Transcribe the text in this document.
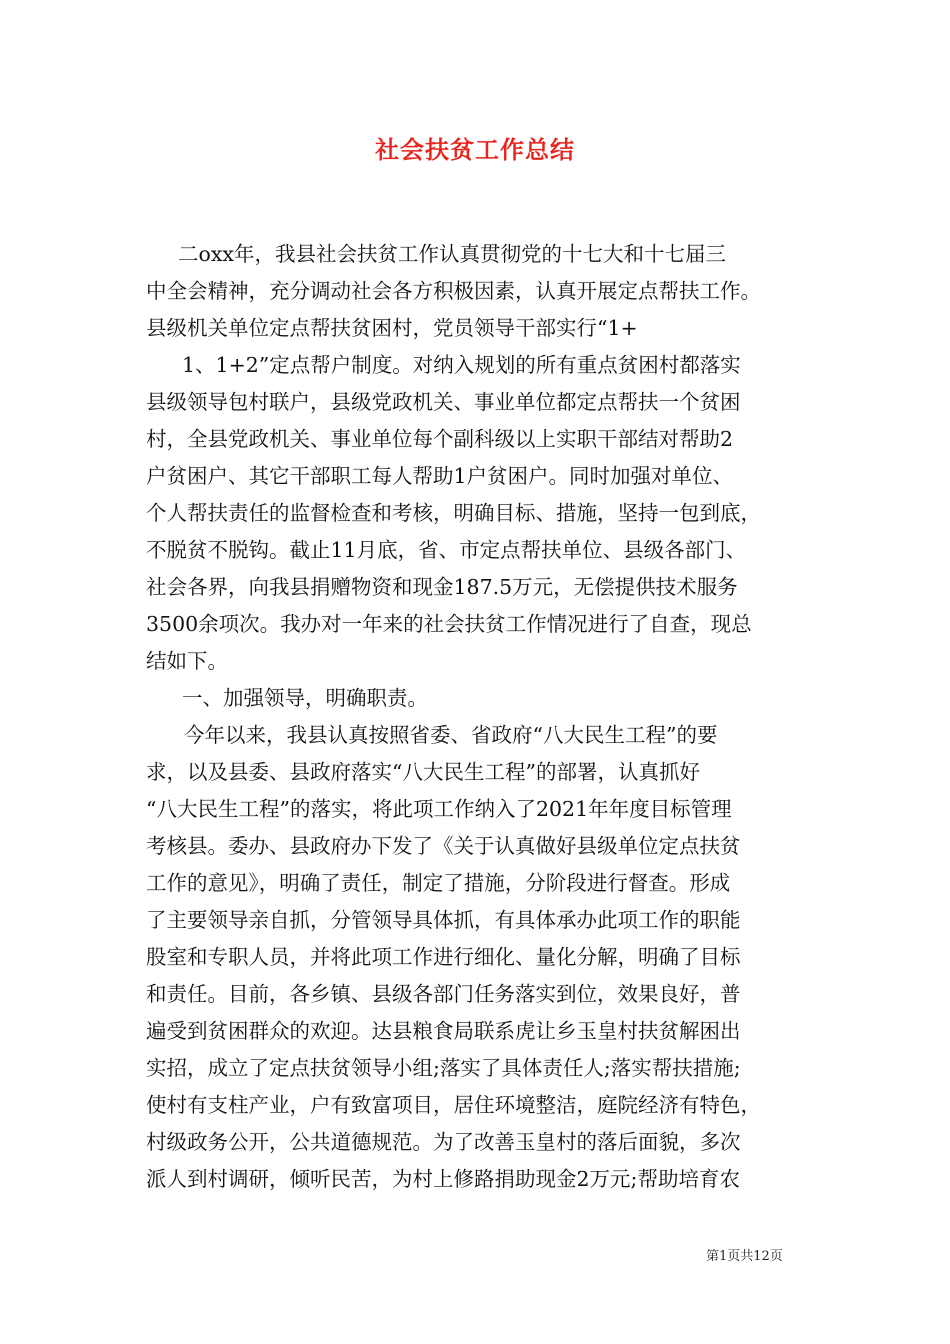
社会扶贫工作总结
二oxx年，我县社会扶贫工作认真贯彻党的十七大和十七届三
中全会精神，充分调动社会各方积极因素，认真开展定点帮扶工作。
县级机关单位定点帮扶贫困村，党员领导干部实行“1+
1、1+2”定点帮户制度。对纳入规划的所有重点贫困村都落实
县级领导包村联户，县级党政机关、事业单位都定点帮扶一个贫困
村，全县党政机关、事业单位每个副科级以上实职干部结对帮助2
户贫困户、其它干部职工每人帮助1户贫困户。同时加强对单位、
个人帮扶责任的监督检查和考核，明确目标、措施，坚持一包到底，
不脱贫不脱钩。截止11月底，省、市定点帮扶单位、县级各部门、
社会各界，向我县捐赠物资和现金187.5万元，无偿提供技术服务
3500余项次。我办对一年来的社会扶贫工作情况进行了自查，现总
结如下。
一、加强领导，明确职责。
今年以来，我县认真按照省委、省政府“八大民生工程”的要
求，以及县委、县政府落实“八大民生工程”的部署，认真抓好
“八大民生工程”的落实，将此项工作纳入了2021年年度目标管理
考核县。委办、县政府办下发了《关于认真做好县级单位定点扶贫
工作的意见》，明确了责任，制定了措施，分阶段进行督查。形成
了主要领导亲自抓，分管领导具体抓，有具体承办此项工作的职能
股室和专职人员，并将此项工作进行细化、量化分解，明确了目标
和责任。目前，各乡镇、县级各部门任务落实到位，效果良好，普
遍受到贫困群众的欢迎。达县粮食局联系虎让乡玉皇村扶贫解困出
实招，成立了定点扶贫领导小组;落实了具体责任人;落实帮扶措施;
使村有支柱产业，户有致富项目，居住环境整洁，庭院经济有特色，
村级政务公开，公共道德规范。为了改善玉皇村的落后面貌，多次
派人到村调研，倾听民苦，为村上修路捐助现金2万元;帮助培育农
第1页共12页
